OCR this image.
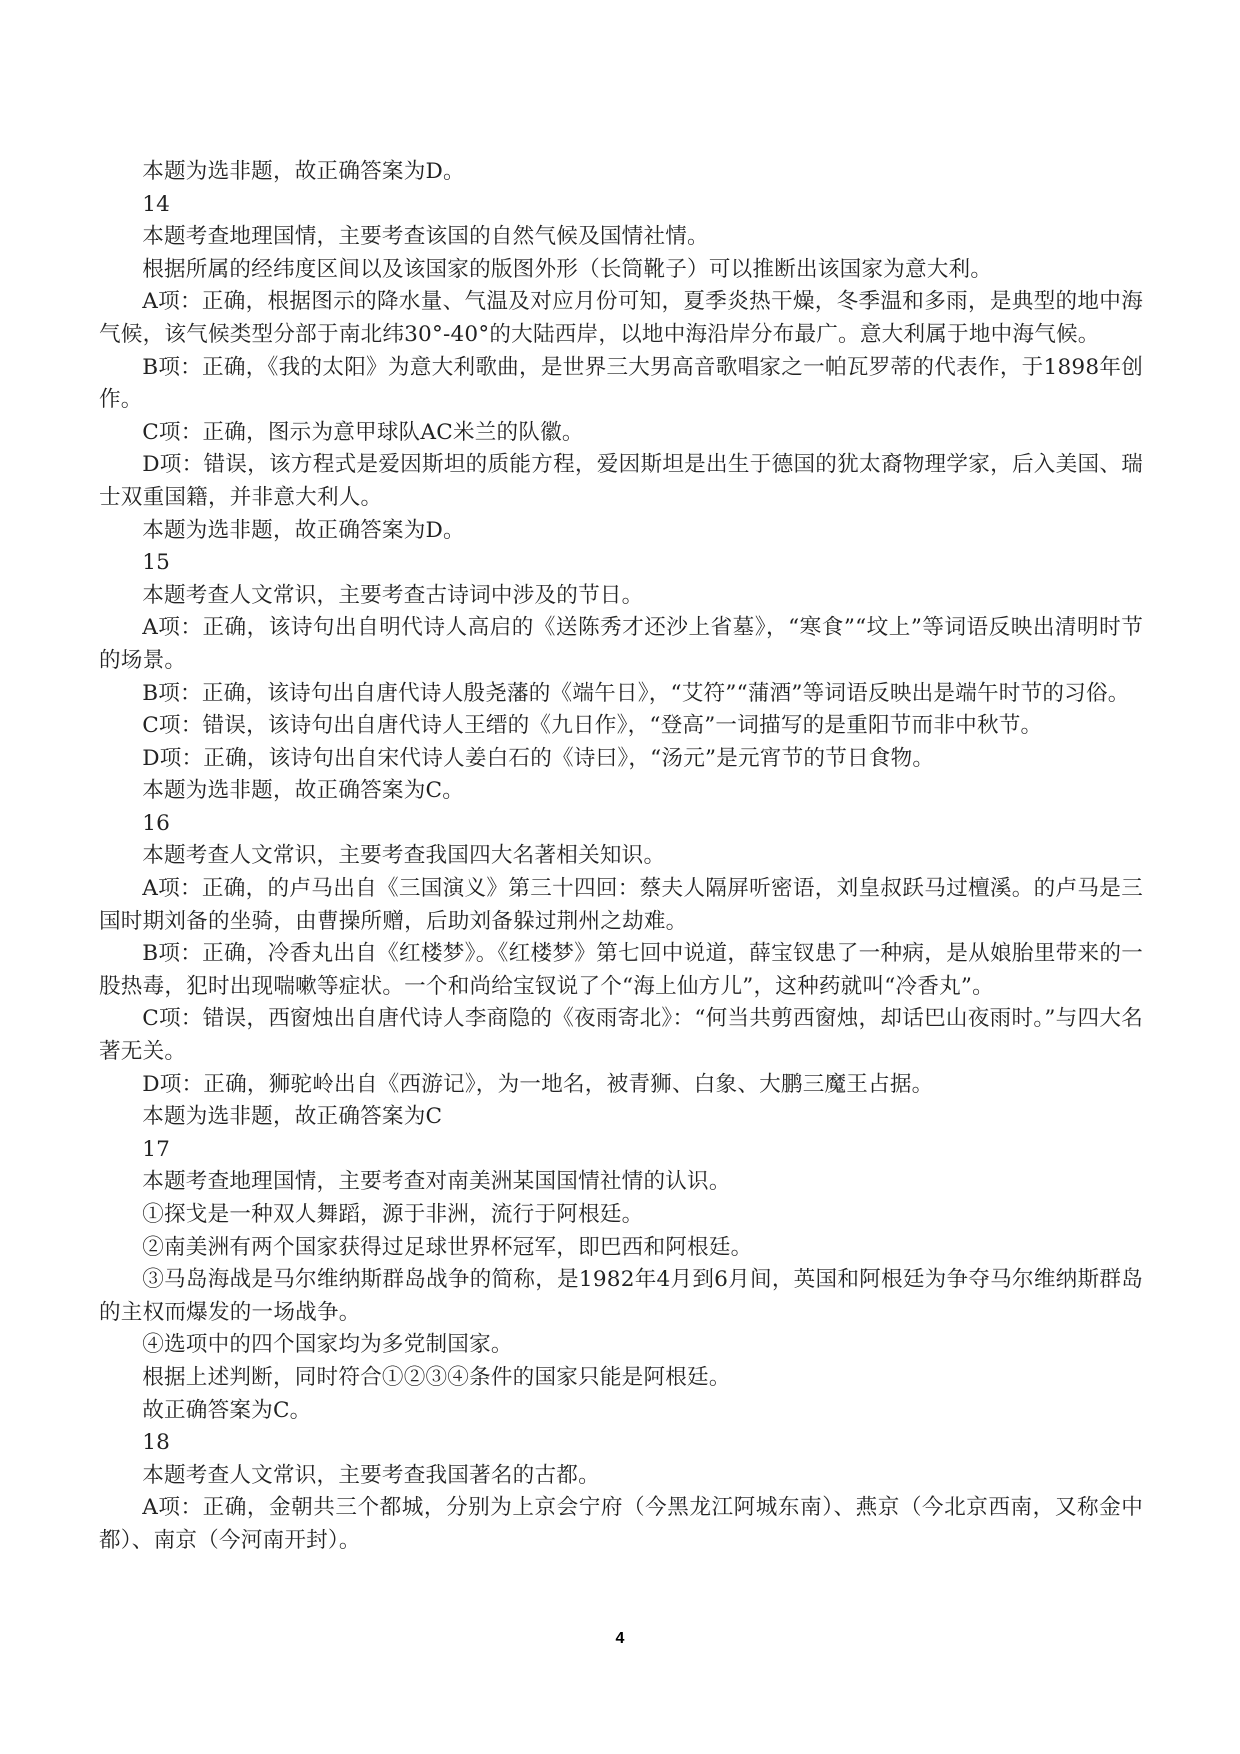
本题为选非题，故正确答案为D。

14

本题考查地理国情，主要考查该国的自然气候及国情社情。

根据所属的经纬度区间以及该国家的版图外形（长筒靴子）可以推断出该国家为意大利。

A项：正确，根据图示的降水量、气温及对应月份可知，夏季炎热干燥，冬季温和多雨，是典型的地中海气候，该气候类型分部于南北纬30°-40°的大陆西岸，以地中海沿岸分布最广。意大利属于地中海气候。

B项：正确，《我的太阳》为意大利歌曲，是世界三大男高音歌唱家之一帕瓦罗蒂的代表作，于1898年创作。

C项：正确，图示为意甲球队AC米兰的队徽。

D项：错误，该方程式是爱因斯坦的质能方程，爱因斯坦是出生于德国的犹太裔物理学家，后入美国、瑞士双重国籍，并非意大利人。

本题为选非题，故正确答案为D。

15

本题考查人文常识，主要考查古诗词中涉及的节日。

A项：正确，该诗句出自明代诗人高启的《送陈秀才还沙上省墓》，“寒食”“坟上”等词语反映出清明时节的场景。

B项：正确，该诗句出自唐代诗人殷尧藩的《端午日》，“艾符”“蒲酒”等词语反映出是端午时节的习俗。

C项：错误，该诗句出自唐代诗人王缙的《九日作》，“登高”一词描写的是重阳节而非中秋节。

D项：正确，该诗句出自宋代诗人姜白石的《诗曰》，“汤元”是元宵节的节日食物。

本题为选非题，故正确答案为C。

16

本题考查人文常识，主要考查我国四大名著相关知识。

A项：正确，的卢马出自《三国演义》第三十四回：蔡夫人隔屏听密语，刘皇叔跃马过檀溪。的卢马是三国时期刘备的坐骑，由曹操所赠，后助刘备躲过荆州之劫难。

B项：正确，冷香丸出自《红楼梦》。《红楼梦》第七回中说道，薛宝钗患了一种病，是从娘胎里带来的一股热毒，犯时出现喘嗽等症状。一个和尚给宝钗说了个“海上仙方儿”，这种药就叫“冷香丸”。

C项：错误，西窗烛出自唐代诗人李商隐的《夜雨寄北》：“何当共剪西窗烛，却话巴山夜雨时。”与四大名著无关。

D项：正确，狮驼岭出自《西游记》，为一地名，被青狮、白象、大鹏三魔王占据。

本题为选非题，故正确答案为C

17

本题考查地理国情，主要考查对南美洲某国国情社情的认识。

①探戈是一种双人舞蹈，源于非洲，流行于阿根廷。

②南美洲有两个国家获得过足球世界杯冠军，即巴西和阿根廷。

③马岛海战是马尔维纳斯群岛战争的简称，是1982年4月到6月间，英国和阿根廷为争夺马尔维纳斯群岛的主权而爆发的一场战争。

④选项中的四个国家均为多党制国家。

根据上述判断，同时符合①②③④条件的国家只能是阿根廷。

故正确答案为C。

18

本题考查人文常识，主要考查我国著名的古都。

A项：正确，金朝共三个都城，分别为上京会宁府（今黑龙江阿城东南）、燕京（今北京西南，又称金中都）、南京（今河南开封）。

4
